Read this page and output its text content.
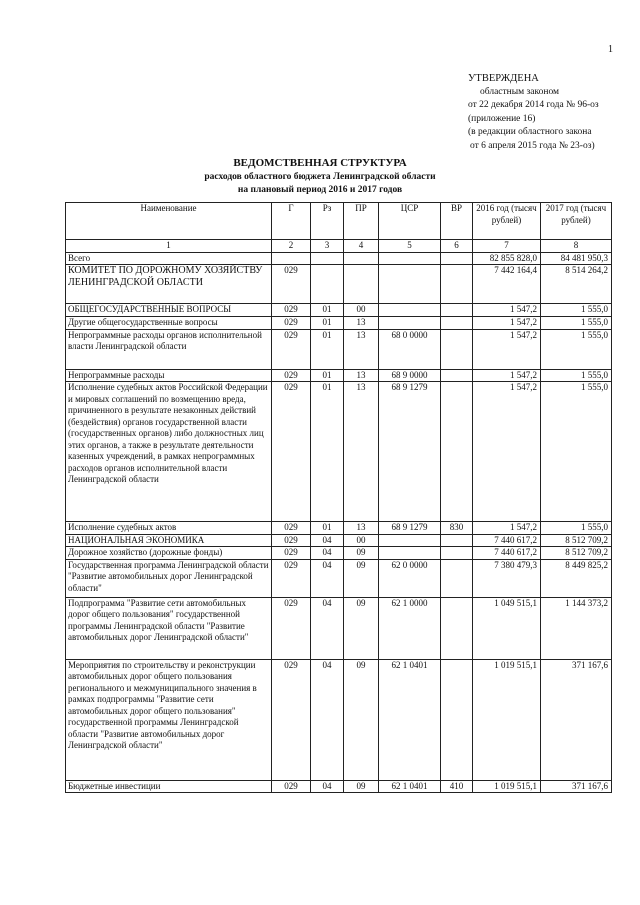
1
УТВЕРЖДЕНА
областным законом
от 22 декабря 2014 года № 96-оз
(приложение 16)
(в редакции областного закона
от 6 апреля 2015 года № 23-оз)
ВЕДОМСТВЕННАЯ СТРУКТУРА
расходов областного бюджета Ленинградской области
на плановый период 2016 и 2017 годов
Наименование	Г	Рз	ПР	ЦСР	ВР	2016 год (тысяч рублей)	2017 год (тысяч рублей)
1	2	3	4	5	6	7	8
Всего						82 855 828,0	84 481 950,3
КОМИТЕТ ПО ДОРОЖНОМУ ХОЗЯЙСТВУ ЛЕНИНГРАДСКОЙ ОБЛАСТИ	029					7 442 164,4	8 514 264,2
ОБЩЕГОСУДАРСТВЕННЫЕ ВОПРОСЫ	029	01	00			1 547,2	1 555,0
Другие общегосударственные вопросы	029	01	13			1 547,2	1 555,0
Непрограммные расходы органов исполнительной власти Ленинградской области	029	01	13	68 0 0000		1 547,2	1 555,0
Непрограммные расходы	029	01	13	68 9 0000		1 547,2	1 555,0
Исполнение судебных актов Российской Федерации и мировых соглашений по возмещению вреда, причиненного в результате незаконных действий (бездействия) органов государственной власти (государственных органов) либо должностных лиц этих органов, а также в результате деятельности казенных учреждений, в рамках непрограммных расходов органов исполнительной власти Ленинградской области	029	01	13	68 9 1279		1 547,2	1 555,0
Исполнение судебных актов	029	01	13	68 9 1279	830	1 547,2	1 555,0
НАЦИОНАЛЬНАЯ ЭКОНОМИКА	029	04	00			7 440 617,2	8 512 709,2
Дорожное хозяйство (дорожные фонды)	029	04	09			7 440 617,2	8 512 709,2
Государственная программа Ленинградской области "Развитие автомобильных дорог Ленинградской области"	029	04	09	62 0 0000		7 380 479,3	8 449 825,2
Подпрограмма "Развитие сети автомобильных дорог общего пользования" государственной программы Ленинградской области "Развитие автомобильных дорог Ленинградской области"	029	04	09	62 1 0000		1 049 515,1	1 144 373,2
Мероприятия по строительству и реконструкции автомобильных дорог общего пользования регионального и межмуниципального значения в рамках подпрограммы "Развитие сети автомобильных дорог общего пользования" государственной программы Ленинградской области "Развитие автомобильных дорог Ленинградской области"	029	04	09	62 1 0401		1 019 515,1	371 167,6
Бюджетные инвестиции	029	04	09	62 1 0401	410	1 019 515,1	371 167,6
